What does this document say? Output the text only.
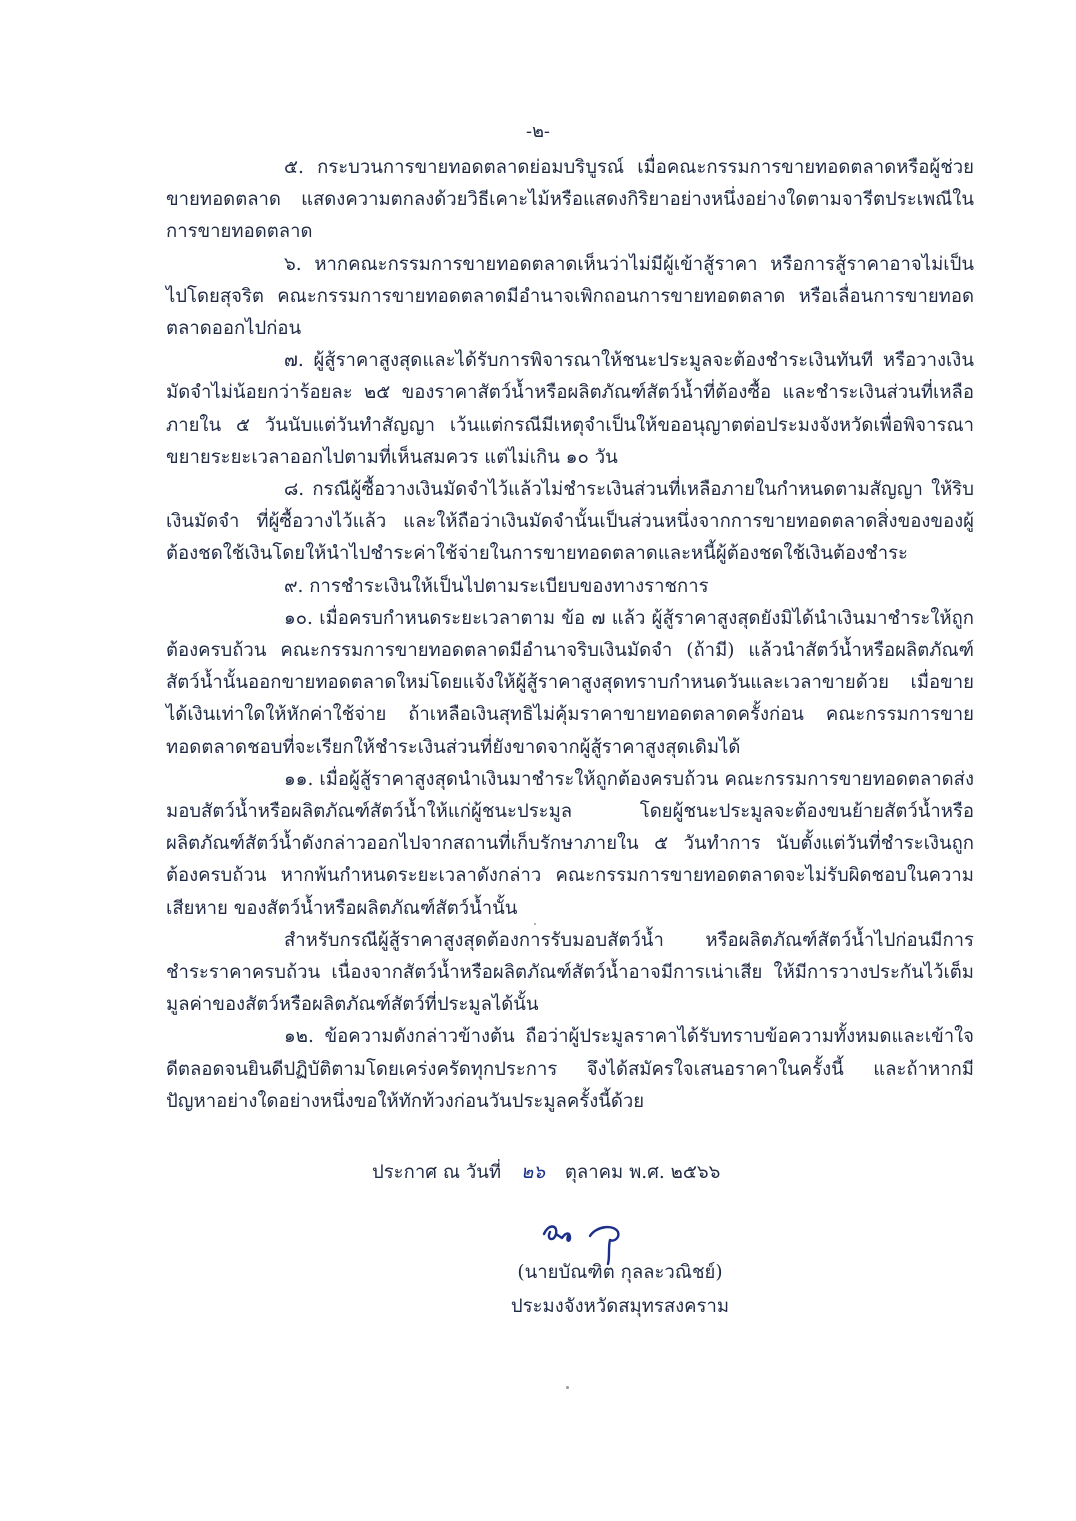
-๒-

๕. กระบวนการขายทอดตลาดย่อมบริบูรณ์ เมื่อคณะกรรมการขายทอดตลาดหรือผู้ช่วยขายทอดตลาด แสดงความตกลงด้วยวิธีเคาะไม้หรือแสดงกิริยาอย่างหนึ่งอย่างใดตามจารีตประเพณีในการขายทอดตลาด

๖. หากคณะกรรมการขายทอดตลาดเห็นว่าไม่มีผู้เข้าสู้ราคา หรือการสู้ราคาอาจไม่เป็นไปโดยสุจริต คณะกรรมการขายทอดตลาดมีอำนาจเพิกถอนการขายทอดตลาด หรือเลื่อนการขายทอดตลาดออกไปก่อน

๗. ผู้สู้ราคาสูงสุดและได้รับการพิจารณาให้ชนะประมูลจะต้องชำระเงินทันที หรือวางเงินมัดจำไม่น้อยกว่าร้อยละ ๒๕ ของราคาสัตว์น้ำหรือผลิตภัณฑ์สัตว์น้ำที่ต้องซื้อ และชำระเงินส่วนที่เหลือภายใน ๕ วันนับแต่วันทำสัญญา เว้นแต่กรณีมีเหตุจำเป็นให้ขออนุญาตต่อประมงจังหวัดเพื่อพิจารณาขยายระยะเวลาออกไปตามที่เห็นสมควร แต่ไม่เกิน ๑๐ วัน

๘. กรณีผู้ซื้อวางเงินมัดจำไว้แล้วไม่ชำระเงินส่วนที่เหลือภายในกำหนดตามสัญญา ให้ริบเงินมัดจำ ที่ผู้ซื้อวางไว้แล้ว และให้ถือว่าเงินมัดจำนั้นเป็นส่วนหนึ่งจากการขายทอดตลาดสิ่งของของผู้ต้องชดใช้เงินโดยให้นำไปชำระค่าใช้จ่ายในการขายทอดตลาดและหนี้ผู้ต้องชดใช้เงินต้องชำระ

๙. การชำระเงินให้เป็นไปตามระเบียบของทางราชการ

๑๐. เมื่อครบกำหนดระยะเวลาตาม ข้อ ๗ แล้ว ผู้สู้ราคาสูงสุดยังมิได้นำเงินมาชำระให้ถูกต้องครบถ้วน คณะกรรมการขายทอดตลาดมีอำนาจริบเงินมัดจำ (ถ้ามี) แล้วนำสัตว์น้ำหรือผลิตภัณฑ์สัตว์น้ำนั้นออกขายทอดตลาดใหม่โดยแจ้งให้ผู้สู้ราคาสูงสุดทราบกำหนดวันและเวลาขายด้วย เมื่อขายได้เงินเท่าใดให้หักค่าใช้จ่าย ถ้าเหลือเงินสุทธิไม่คุ้มราคาขายทอดตลาดครั้งก่อน คณะกรรมการขายทอดตลาดชอบที่จะเรียกให้ชำระเงินส่วนที่ยังขาดจากผู้สู้ราคาสูงสุดเดิมได้

๑๑. เมื่อผู้สู้ราคาสูงสุดนำเงินมาชำระให้ถูกต้องครบถ้วน คณะกรรมการขายทอดตลาดส่งมอบสัตว์น้ำหรือผลิตภัณฑ์สัตว์น้ำให้แก่ผู้ชนะประมูล โดยผู้ชนะประมูลจะต้องขนย้ายสัตว์น้ำหรือผลิตภัณฑ์สัตว์น้ำดังกล่าวออกไปจากสถานที่เก็บรักษาภายใน ๕ วันทำการ นับตั้งแต่วันที่ชำระเงินถูกต้องครบถ้วน หากพ้นกำหนดระยะเวลาดังกล่าว คณะกรรมการขายทอดตลาดจะไม่รับผิดชอบในความเสียหาย ของสัตว์น้ำหรือผลิตภัณฑ์สัตว์น้ำนั้น

สำหรับกรณีผู้สู้ราคาสูงสุดต้องการรับมอบสัตว์น้ำ หรือผลิตภัณฑ์สัตว์น้ำไปก่อนมีการชำระราคาครบถ้วน เนื่องจากสัตว์น้ำหรือผลิตภัณฑ์สัตว์น้ำอาจมีการเน่าเสีย ให้มีการวางประกันไว้เต็มมูลค่าของสัตว์หรือผลิตภัณฑ์สัตว์ที่ประมูลได้นั้น

๑๒. ข้อความดังกล่าวข้างต้น ถือว่าผู้ประมูลราคาได้รับทราบข้อความทั้งหมดและเข้าใจดีตลอดจนยินดีปฏิบัติตามโดยเคร่งครัดทุกประการ จึงได้สมัครใจเสนอราคาในครั้งนี้ และถ้าหากมีปัญหาอย่างใดอย่างหนึ่งขอให้ทักท้วงก่อนวันประมูลครั้งนี้ด้วย

ประกาศ ณ วันที่ ๒๖ ตุลาคม พ.ศ. ๒๕๖๖
(นายบัณฑิต กุลละวณิชย์)
ประมงจังหวัดสมุทรสงคราม
